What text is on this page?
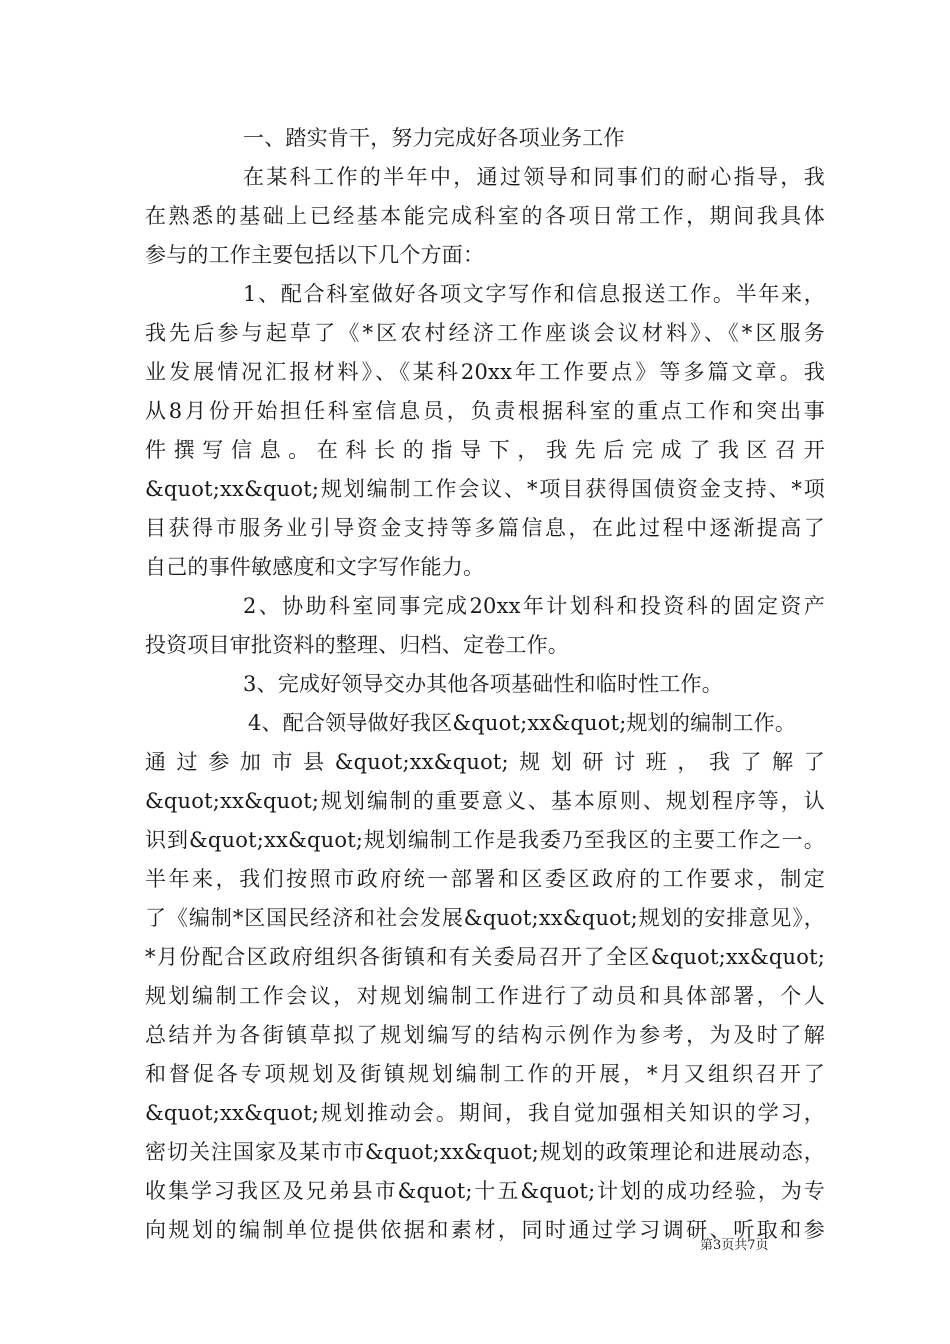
一、踏实肯干，努力完成好各项业务工作
在某科工作的半年中，通过领导和同事们的耐心指导，我
在熟悉的基础上已经基本能完成科室的各项日常工作，期间我具体
参与的工作主要包括以下几个方面：
1、配合科室做好各项文字写作和信息报送工作。半年来，
我先后参与起草了《*区农村经济工作座谈会议材料》、《*区服务
业发展情况汇报材料》、《某科20xx年工作要点》等多篇文章。我
从8月份开始担任科室信息员，负责根据科室的重点工作和突出事
件撰写信息。在科长的指导下，我先后完成了我区召开
&quot;xx&quot;规划编制工作会议、*项目获得国债资金支持、*项
目获得市服务业引导资金支持等多篇信息，在此过程中逐渐提高了
自己的事件敏感度和文字写作能力。
2、协助科室同事完成20xx年计划科和投资科的固定资产
投资项目审批资料的整理、归档、定卷工作。
3、完成好领导交办其他各项基础性和临时性工作。
4、配合领导做好我区&quot;xx&quot;规划的编制工作。
通过参加市县&quot;xx&quot;规划研讨班，我了解了
&quot;xx&quot;规划编制的重要意义、基本原则、规划程序等，认
识到&quot;xx&quot;规划编制工作是我委乃至我区的主要工作之一。
半年来，我们按照市政府统一部署和区委区政府的工作要求，制定
了《编制*区国民经济和社会发展&quot;xx&quot;规划的安排意见》，
*月份配合区政府组织各街镇和有关委局召开了全区&quot;xx&quot;
规划编制工作会议，对规划编制工作进行了动员和具体部署，个人
总结并为各街镇草拟了规划编写的结构示例作为参考，为及时了解
和督促各专项规划及街镇规划编制工作的开展，*月又组织召开了
&quot;xx&quot;规划推动会。期间，我自觉加强相关知识的学习，
密切关注国家及某市市&quot;xx&quot;规划的政策理论和进展动态，
收集学习我区及兄弟县市&quot;十五&quot;计划的成功经验，为专
向规划的编制单位提供依据和素材，同时通过学习调研、听取和参
第3页共7页
